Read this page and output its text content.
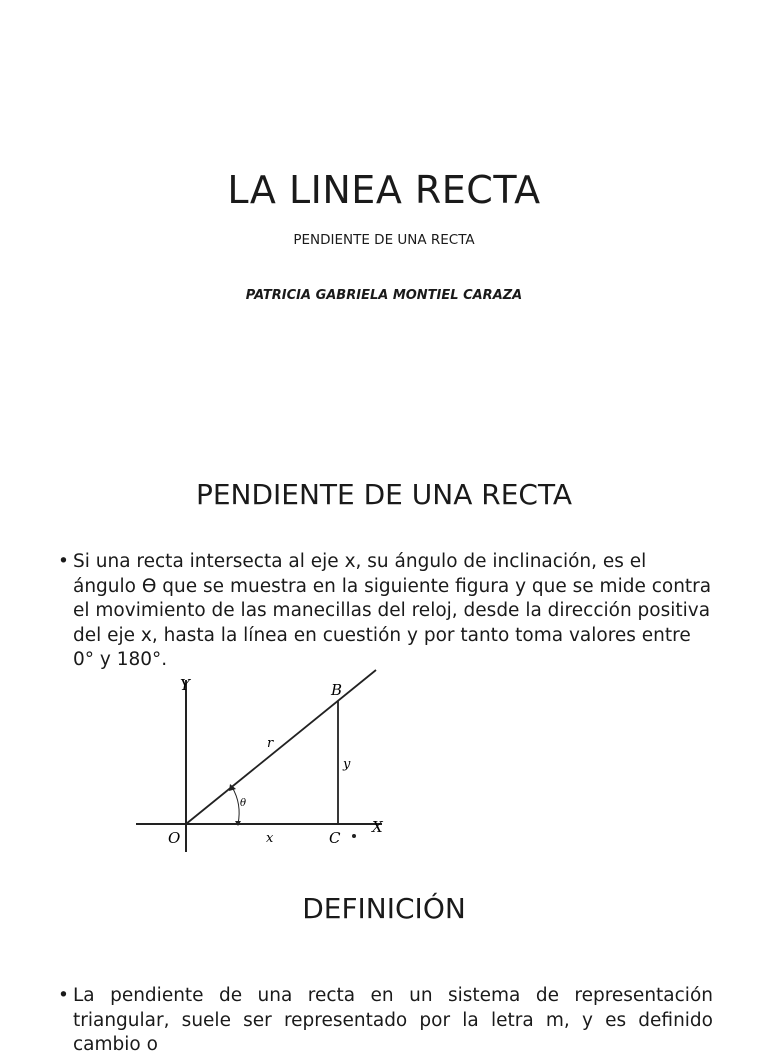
LA LINEA RECTA
PENDIENTE DE UNA RECTA
PATRICIA GABRIELA MONTIEL CARAZA
PENDIENTE DE UNA RECTA
• Si una recta intersecta al eje x, su ángulo de inclinación, es el ángulo Ɵ que se muestra en la siguiente figura y que se mide contra el movimiento de las manecillas del reloj, desde la dirección positiva del eje x, hasta la línea en cuestión y por tanto toma valores entre 0° y 180°.
Y
X
O
B
C
r
y
x
θ
DEFINICIÓN
• La pendiente de una recta en un sistema de representación triangular, suele ser representado por la letra m, y es definido cambio o
